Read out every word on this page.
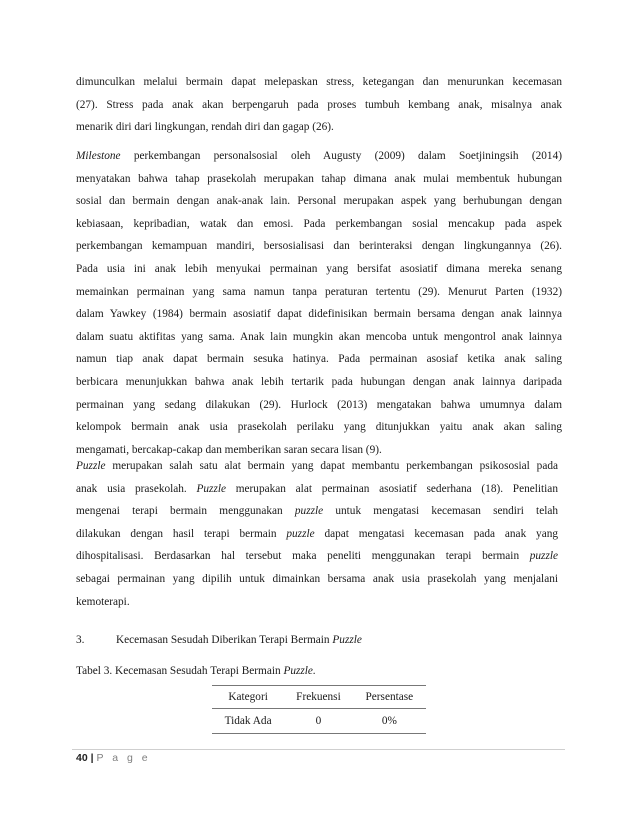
dimunculkan melalui bermain dapat melepaskan stress, ketegangan dan menurunkan kecemasan
(27). Stress pada anak akan berpengaruh pada proses tumbuh kembang anak, misalnya anak
menarik diri dari lingkungan, rendah diri dan gagap (26).
Milestone perkembangan personalsosial oleh Augusty (2009) dalam Soetjiningsih (2014)
menyatakan bahwa tahap prasekolah merupakan tahap dimana anak mulai membentuk hubungan
sosial dan bermain dengan anak-anak lain. Personal merupakan aspek yang berhubungan dengan
kebiasaan, kepribadian, watak dan emosi. Pada perkembangan sosial mencakup pada aspek
perkembangan kemampuan mandiri, bersosialisasi dan berinteraksi dengan lingkungannya (26).
Pada usia ini anak lebih menyukai permainan yang bersifat asosiatif dimana mereka senang
memainkan permainan yang sama namun tanpa peraturan tertentu (29). Menurut Parten (1932)
dalam Yawkey (1984) bermain asosiatif dapat didefinisikan bermain bersama dengan anak lainnya
dalam suatu aktifitas yang sama. Anak lain mungkin akan mencoba untuk mengontrol anak lainnya
namun tiap anak dapat bermain sesuka hatinya. Pada permainan asosiaf ketika anak saling
berbicara menunjukkan bahwa anak lebih tertarik pada hubungan dengan anak lainnya daripada
permainan yang sedang dilakukan (29). Hurlock (2013) mengatakan bahwa umumnya dalam
kelompok bermain anak usia prasekolah perilaku yang ditunjukkan yaitu anak akan saling
mengamati, bercakap-cakap dan memberikan saran secara lisan (9).
Puzzle merupakan salah satu alat bermain yang dapat membantu perkembangan psikososial pada
anak usia prasekolah. Puzzle merupakan alat permainan asosiatif sederhana (18). Penelitian
mengenai terapi bermain menggunakan puzzle untuk mengatasi kecemasan sendiri telah
dilakukan dengan hasil terapi bermain puzzle dapat mengatasi kecemasan pada anak yang
dihospitalisasi. Berdasarkan hal tersebut maka peneliti menggunakan terapi bermain puzzle
sebagai permainan yang dipilih untuk dimainkan bersama anak usia prasekolah yang menjalani
kemoterapi.
3.	Kecemasan Sesudah Diberikan Terapi Bermain Puzzle
Tabel 3. Kecemasan Sesudah Terapi Bermain Puzzle.
Kategori	Frekuensi	Persentase
Tidak Ada	0	0%
40 | P a g e
